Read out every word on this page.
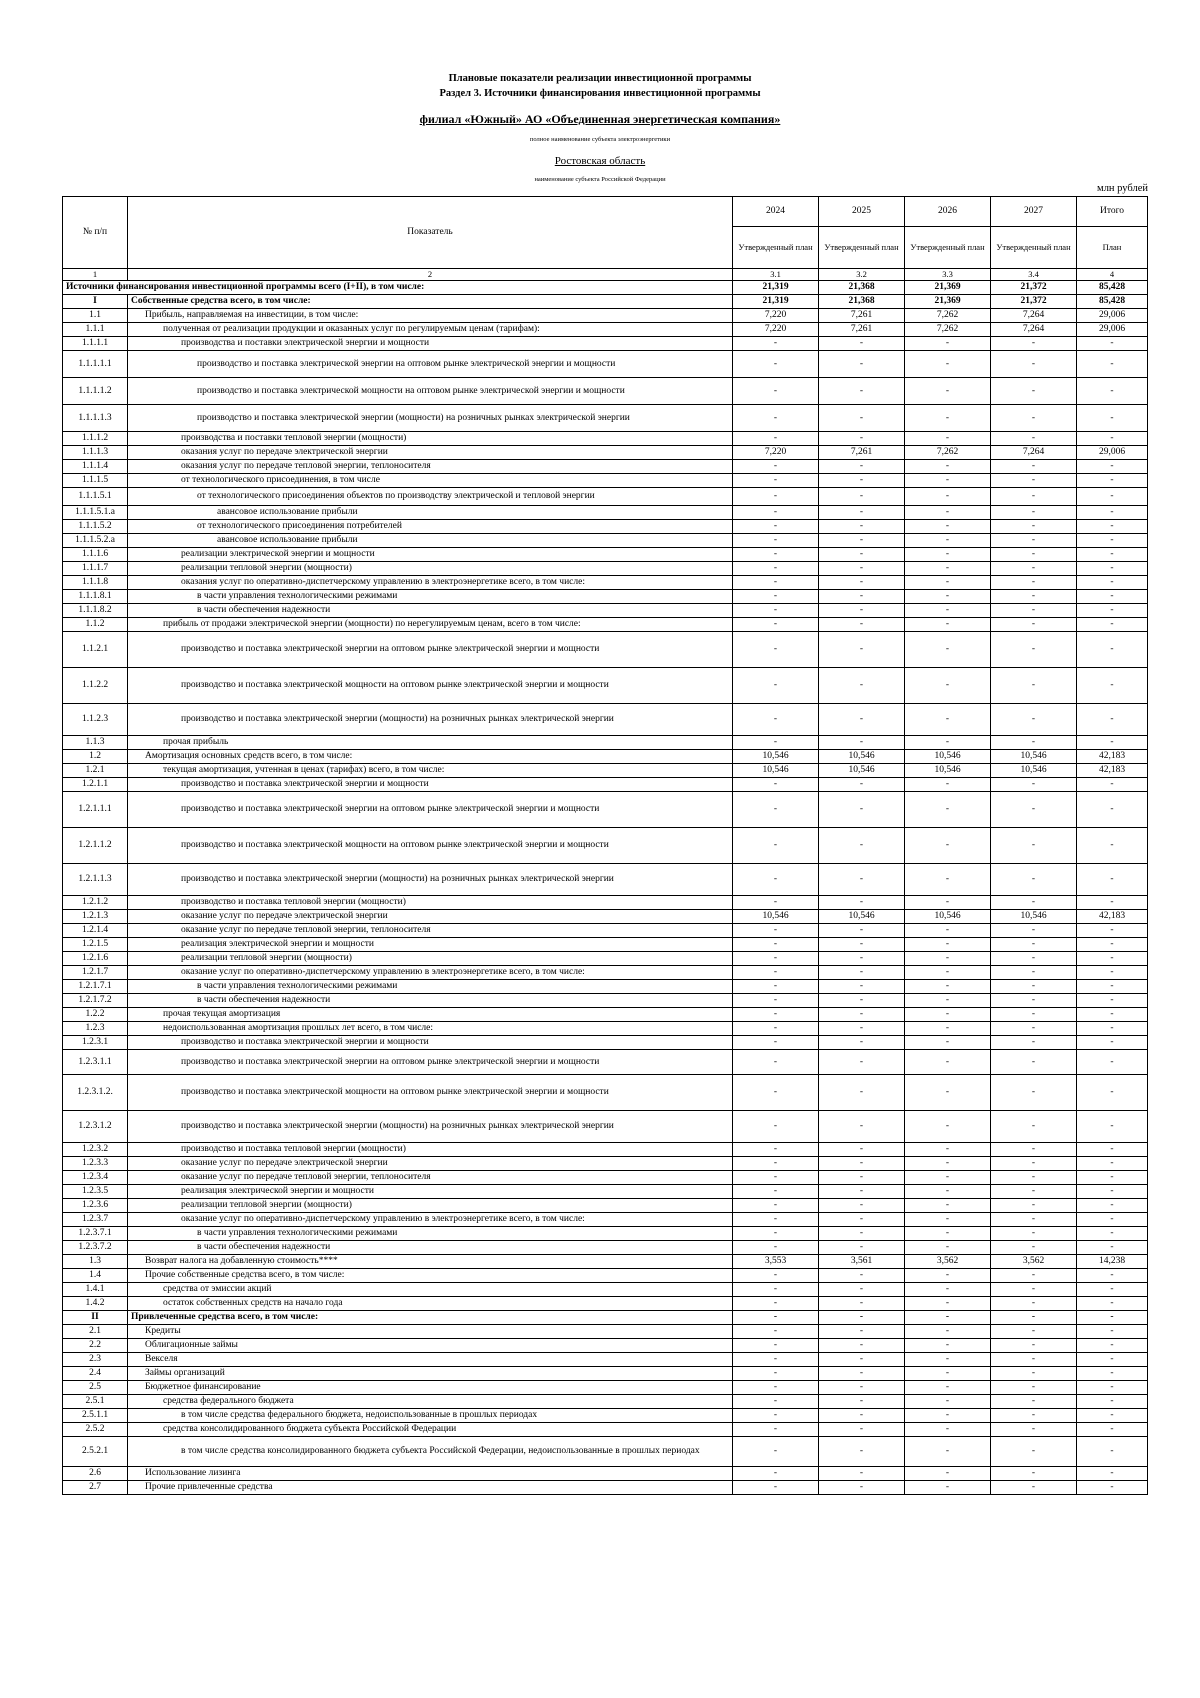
Плановые показатели реализации инвестиционной программы
Раздел 3. Источники финансирования инвестиционной программы
филиал «Южный» АО «Объединенная энергетическая компания»
полное наименование субъекта электроэнергетики
Ростовская область
наименование субъекта Российской Федерации
млн рублей
№ п/п	Показатель	2024	2025	2026	2027	Итого
		Утвержденный план	Утвержденный план	Утвержденный план	Утвержденный план	План
1	2	3.1	3.2	3.3	3.4	4
Источники финансирования инвестиционной программы всего (I+II), в том числе:		21,319	21,368	21,369	21,372	85,428
I	Собственные средства всего, в том числе:	21,319	21,368	21,369	21,372	85,428
1.1	Прибыль, направляемая на инвестиции, в том числе:	7,220	7,261	7,262	7,264	29,006
1.1.1	полученная от реализации продукции и оказанных услуг по регулируемым ценам (тарифам):	7,220	7,261	7,262	7,264	29,006
1.1.1.1	производства и поставки электрической энергии и мощности	-	-	-	-	-
1.1.1.1.1	производство и поставка электрической энергии на оптовом рынке электрической энергии и мощности	-	-	-	-	-
1.1.1.1.2	производство и поставка электрической мощности на оптовом рынке электрической энергии и мощности	-	-	-	-	-
1.1.1.1.3	производство и поставка электрической энергии (мощности) на розничных рынках электрической энергии	-	-	-	-	-
1.1.1.2	производства и поставки тепловой энергии (мощности)	-	-	-	-	-
1.1.1.3	оказания услуг по передаче электрической энергии	7,220	7,261	7,262	7,264	29,006
1.1.1.4	оказания услуг по передаче тепловой энергии, теплоносителя	-	-	-	-	-
1.1.1.5	от технологического присоединения, в том числе	-	-	-	-	-
1.1.1.5.1	от технологического присоединения объектов по производству электрической и тепловой энергии	-	-	-	-	-
1.1.1.5.1.a	авансовое использование прибыли	-	-	-	-	-
1.1.1.5.2	от технологического присоединения потребителей	-	-	-	-	-
1.1.1.5.2.a	авансовое использование прибыли	-	-	-	-	-
1.1.1.6	реализации электрической энергии и мощности	-	-	-	-	-
1.1.1.7	реализации тепловой энергии (мощности)	-	-	-	-	-
1.1.1.8	оказания услуг по оперативно-диспетчерскому управлению в электроэнергетике всего, в том числе:	-	-	-	-	-
1.1.1.8.1	в части управления технологическими режимами	-	-	-	-	-
1.1.1.8.2	в части обеспечения надежности	-	-	-	-	-
1.1.2	прибыль от продажи электрической энергии (мощности) по нерегулируемым ценам, всего в том числе:	-	-	-	-	-
1.1.2.1	производство и поставка электрической энергии на оптовом рынке электрической энергии и мощности	-	-	-	-	-
1.1.2.2	производство и поставка электрической мощности на оптовом рынке электрической энергии и мощности	-	-	-	-	-
1.1.2.3	производство и поставка электрической энергии (мощности) на розничных рынках электрической энергии	-	-	-	-	-
1.1.3	прочая прибыль	-	-	-	-	-
1.2	Амортизация основных средств всего, в том числе:	10,546	10,546	10,546	10,546	42,183
1.2.1	текущая амортизация, учтенная в ценах (тарифах) всего, в том числе:	10,546	10,546	10,546	10,546	42,183
1.2.1.1	производство и поставка электрической энергии и мощности	-	-	-	-	-
1.2.1.1.1	производство и поставка электрической энергии на оптовом рынке электрической энергии и мощности	-	-	-	-	-
1.2.1.1.2	производство и поставка электрической мощности на оптовом рынке электрической энергии и мощности	-	-	-	-	-
1.2.1.1.3	производство и поставка электрической энергии (мощности) на розничных рынках электрической энергии	-	-	-	-	-
1.2.1.2	производство и поставка тепловой энергии (мощности)	-	-	-	-	-
1.2.1.3	оказание услуг по передаче электрической энергии	10,546	10,546	10,546	10,546	42,183
1.2.1.4	оказание услуг по передаче тепловой энергии, теплоносителя	-	-	-	-	-
1.2.1.5	реализация электрической энергии и мощности	-	-	-	-	-
1.2.1.6	реализации тепловой энергии (мощности)	-	-	-	-	-
1.2.1.7	оказание услуг по оперативно-диспетчерскому управлению в электроэнергетике всего, в том числе:	-	-	-	-	-
1.2.1.7.1	в части управления технологическими режимами	-	-	-	-	-
1.2.1.7.2	в части обеспечения надежности	-	-	-	-	-
1.2.2	прочая текущая амортизация	-	-	-	-	-
1.2.3	недоиспользованная амортизация прошлых лет всего, в том числе:	-	-	-	-	-
1.2.3.1	производство и поставка электрической энергии и мощности	-	-	-	-	-
1.2.3.1.1	производство и поставка электрической энергии на оптовом рынке электрической энергии и мощности	-	-	-	-	-
1.2.3.1.2.	производство и поставка электрической мощности на оптовом рынке электрической энергии и мощности	-	-	-	-	-
1.2.3.1.2	производство и поставка электрической энергии (мощности) на розничных рынках электрической энергии	-	-	-	-	-
1.2.3.2	производство и поставка тепловой энергии (мощности)	-	-	-	-	-
1.2.3.3	оказание услуг по передаче электрической энергии	-	-	-	-	-
1.2.3.4	оказание услуг по передаче тепловой энергии, теплоносителя	-	-	-	-	-
1.2.3.5	реализация электрической энергии и мощности	-	-	-	-	-
1.2.3.6	реализации тепловой энергии (мощности)	-	-	-	-	-
1.2.3.7	оказание услуг по оперативно-диспетчерскому управлению в электроэнергетике всего, в том числе:	-	-	-	-	-
1.2.3.7.1	в части управления технологическими режимами	-	-	-	-	-
1.2.3.7.2	в части обеспечения надежности	-	-	-	-	-
1.3	Возврат налога на добавленную стоимость****	3,553	3,561	3,562	3,562	14,238
1.4	Прочие собственные средства всего, в том числе:	-	-	-	-	-
1.4.1	средства от эмиссии акций	-	-	-	-	-
1.4.2	остаток собственных средств на начало года	-	-	-	-	-
II	Привлеченные средства всего, в том числе:	-	-	-	-	-
2.1	Кредиты	-	-	-	-	-
2.2	Облигационные займы	-	-	-	-	-
2.3	Векселя	-	-	-	-	-
2.4	Займы организаций	-	-	-	-	-
2.5	Бюджетное финансирование	-	-	-	-	-
2.5.1	средства федерального бюджета	-	-	-	-	-
2.5.1.1	в том числе средства федерального бюджета, недоиспользованные в прошлых периодах	-	-	-	-	-
2.5.2	средства консолидированного бюджета субъекта Российской Федерации	-	-	-	-	-
2.5.2.1	в том числе средства консолидированного бюджета субъекта Российской Федерации, недоиспользованные в прошлых периодах	-	-	-	-	-
2.6	Использование лизинга	-	-	-	-	-
2.7	Прочие привлеченные средства	-	-	-	-	-
